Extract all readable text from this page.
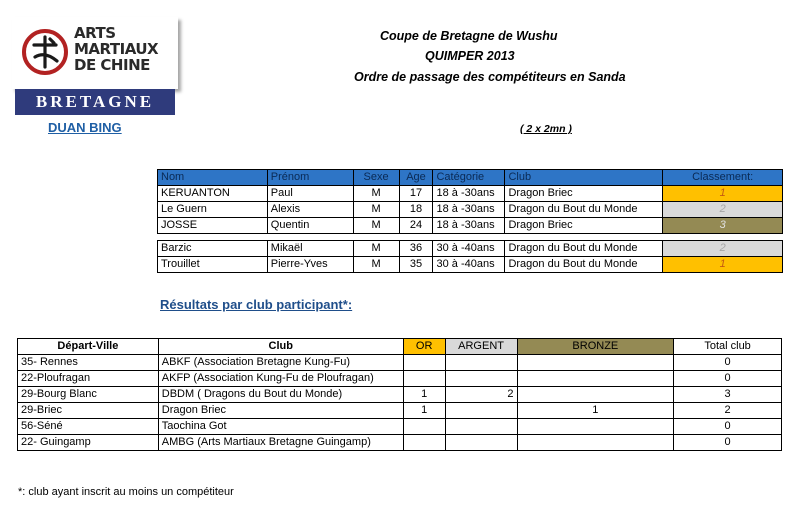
ARTS
MARTIAUX
DE CHINE
BRETAGNE
DUAN BING
Coupe de Bretagne de Wushu
QUIMPER 2013
Ordre de passage des compétiteurs en Sanda
( 2 x 2mn )
Nom	Prénom	Sexe	Age	Catégorie	Club	Classement:
KERUANTON	Paul	M	17	18 à -30ans	Dragon Briec	1
Le Guern	Alexis	M	18	18 à -30ans	Dragon du Bout du Monde	2
JOSSE	Quentin	M	24	18 à -30ans	Dragon Briec	3

Barzic	Mikaël	M	36	30 à -40ans	Dragon du Bout du Monde	2
Trouillet	Pierre-Yves	M	35	30 à -40ans	Dragon du Bout du Monde	1
Résultats par club participant*:
Départ-Ville	Club	OR	ARGENT	BRONZE	Total club
35- Rennes	ABKF (Association Bretagne Kung-Fu)				0
22-Ploufragan	AKFP (Association Kung-Fu de Ploufragan)				0
29-Bourg Blanc	DBDM ( Dragons du Bout du Monde)	1	2		3
29-Briec	Dragon Briec	1		1	2
56-Séné	Taochina Got				0
22- Guingamp	AMBG (Arts Martiaux Bretagne Guingamp)				0
*: club ayant inscrit au moins un compétiteur
